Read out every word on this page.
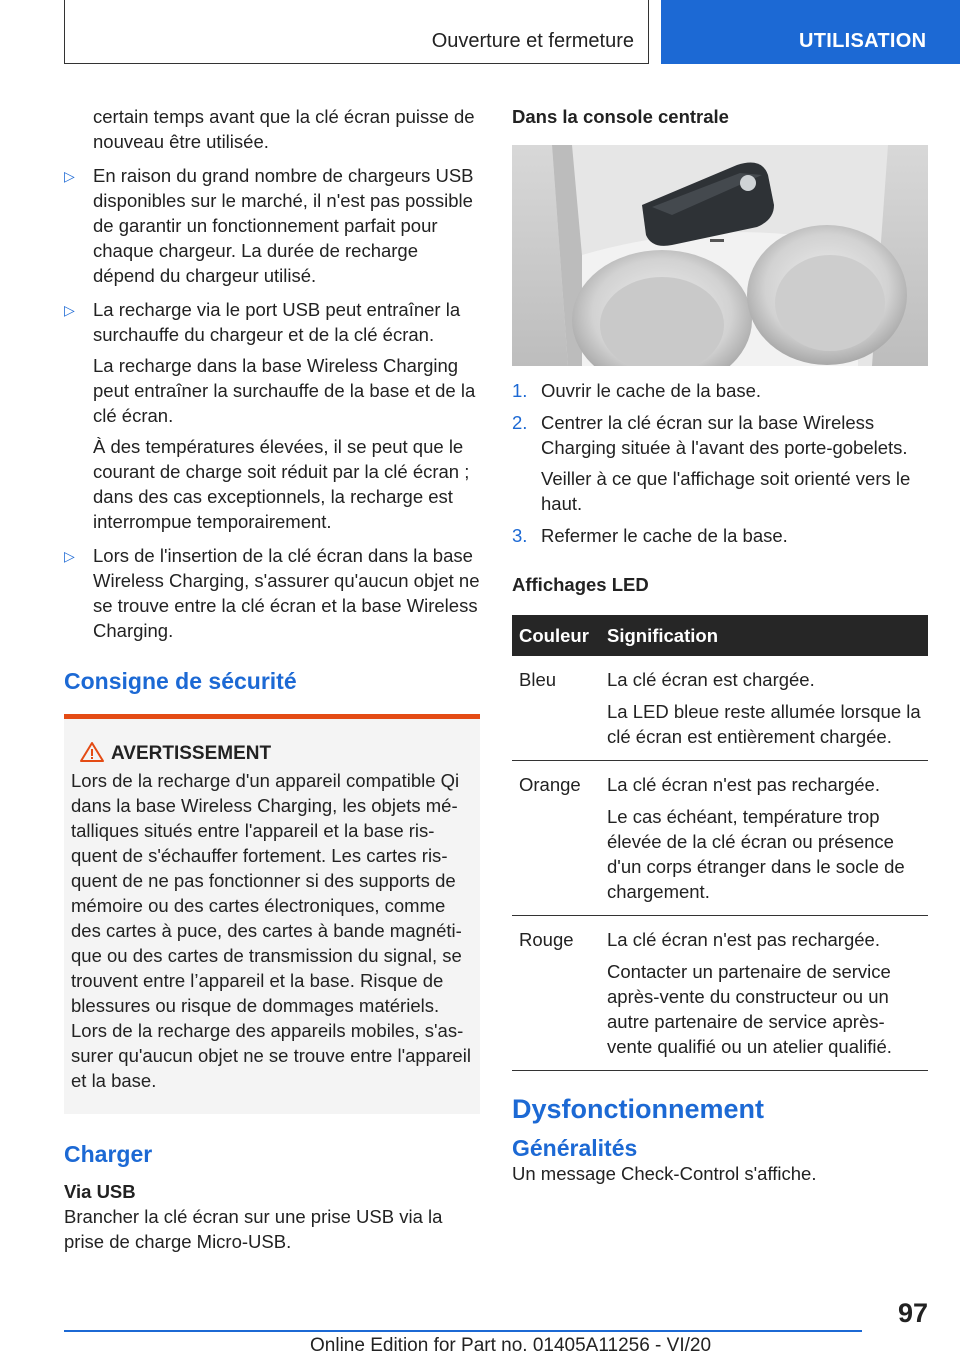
Ouverture et fermeture	UTILISATION

certain temps avant que la clé écran puisse de nouveau être utilisée.

▷ En raison du grand nombre de chargeurs USB disponibles sur le marché, il n'est pas possible de garantir un fonctionnement parfait pour chaque chargeur. La durée de recharge dépend du chargeur utilisé.
▷ La recharge via le port USB peut entraîner la surchauffe du chargeur et de la clé écran.

La recharge dans la base Wireless Charging peut entraîner la surchauffe de la base et de la clé écran.

À des températures élevées, il se peut que le courant de charge soit réduit par la clé écran ; dans des cas exceptionnels, la recharge est interrompue temporairement.

▷ Lors de l'insertion de la clé écran dans la base Wireless Charging, s'assurer qu'aucun objet ne se trouve entre la clé écran et la base Wireless Charging.
Consigne de sécurité
AVERTISSEMENT

Lors de la recharge d'un appareil compatible Qi dans la base Wireless Charging, les objets métalliques situés entre l'appareil et la base risquent de s'échauffer fortement. Les cartes risquent de ne pas fonctionner si des supports de mémoire ou des cartes électroniques, comme des cartes à puce, des cartes à bande magnétique ou des cartes de transmission du signal, se trouvent entre l’appareil et la base. Risque de blessures ou risque de dommages matériels. Lors de la recharge des appareils mobiles, s'assurer qu'aucun objet ne se trouve entre l'appareil et la base.

Charger
Via USB

Brancher la clé écran sur une prise USB via la prise de charge Micro-USB.

Dans la console centrale
1. Ouvrir le cache de la base.
2. Centrer la clé écran sur la base Wireless Charging située à l'avant des porte-gobelets.

Veiller à ce que l'affichage soit orienté vers le haut.

3. Refermer le cache de la base.
Affichages LED
Couleur	Signification
Bleu	La clé écran est chargée.

La LED bleue reste allumée lorsque la clé écran est entièrement chargée.

Orange	La clé écran n'est pas rechargée.

Le cas échéant, température trop élevée de la clé écran ou présence d'un corps étranger dans le socle de chargement.

Rouge	La clé écran n'est pas rechargée.

Contacter un partenaire de service après-vente du constructeur ou un autre partenaire de service après-vente qualifié ou un atelier qualifié.

Dysfonctionnement
Généralités

Un message Check-Control s'affiche.

97
Online Edition for Part no. 01405A11256 - VI/20
